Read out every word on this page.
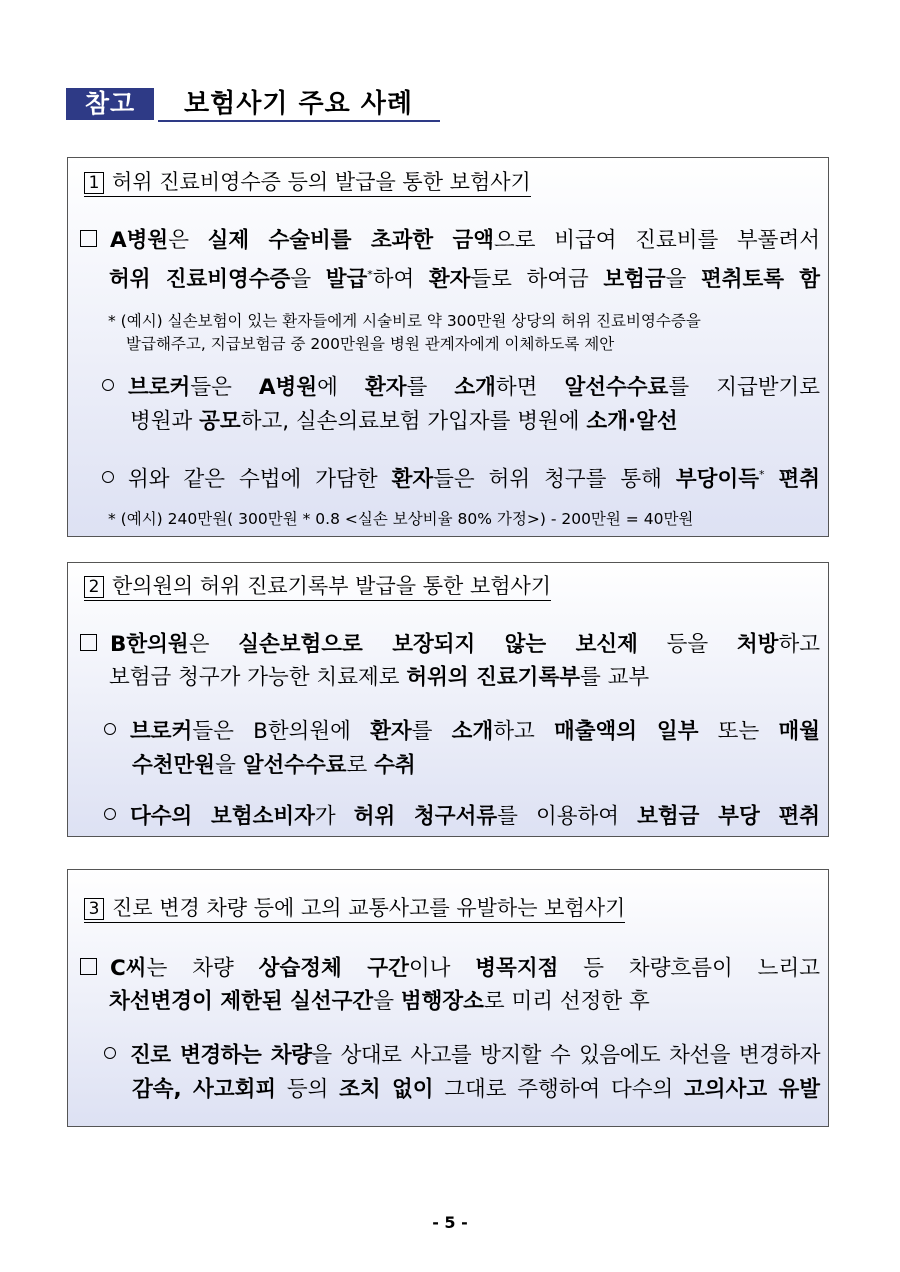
참고	보험사기 주요 사례
1 허위 진료비영수증 등의 발급을 통한 보험사기
A병원은 실제 수술비를 초과한 금액으로 비급여 진료비를 부풀려서
허위 진료비영수증을 발급*하여 환자들로 하여금 보험금을 편취토록 함
* (예시) 실손보험이 있는 환자들에게 시술비로 약 300만원 상당의 허위 진료비영수증을
발급해주고, 지급보험금 중 200만원을 병원 관계자에게 이체하도록 제안
브로커들은 A병원에 환자를 소개하면 알선수수료를 지급받기로
병원과 공모하고, 실손의료보험 가입자를 병원에 소개·알선
위와 같은 수법에 가담한 환자들은 허위 청구를 통해 부당이득* 편취
* (예시) 240만원( 300만원 * 0.8 <실손 보상비율 80% 가정>) - 200만원 = 40만원
2 한의원의 허위 진료기록부 발급을 통한 보험사기
B한의원은 실손보험으로 보장되지 않는 보신제 등을 처방하고
보험금 청구가 가능한 치료제로 허위의 진료기록부를 교부
브로커들은 B한의원에 환자를 소개하고 매출액의 일부 또는 매월
수천만원을 알선수수료로 수취
다수의 보험소비자가 허위 청구서류를 이용하여 보험금 부당 편취
3 진로 변경 차량 등에 고의 교통사고를 유발하는 보험사기
C씨는 차량 상습정체 구간이나 병목지점 등 차량흐름이 느리고
차선변경이 제한된 실선구간을 범행장소로 미리 선정한 후
진로 변경하는 차량을 상대로 사고를 방지할 수 있음에도 차선을 변경하자
감속, 사고회피 등의 조치 없이 그대로 주행하여 다수의 고의사고 유발
- 5 -
